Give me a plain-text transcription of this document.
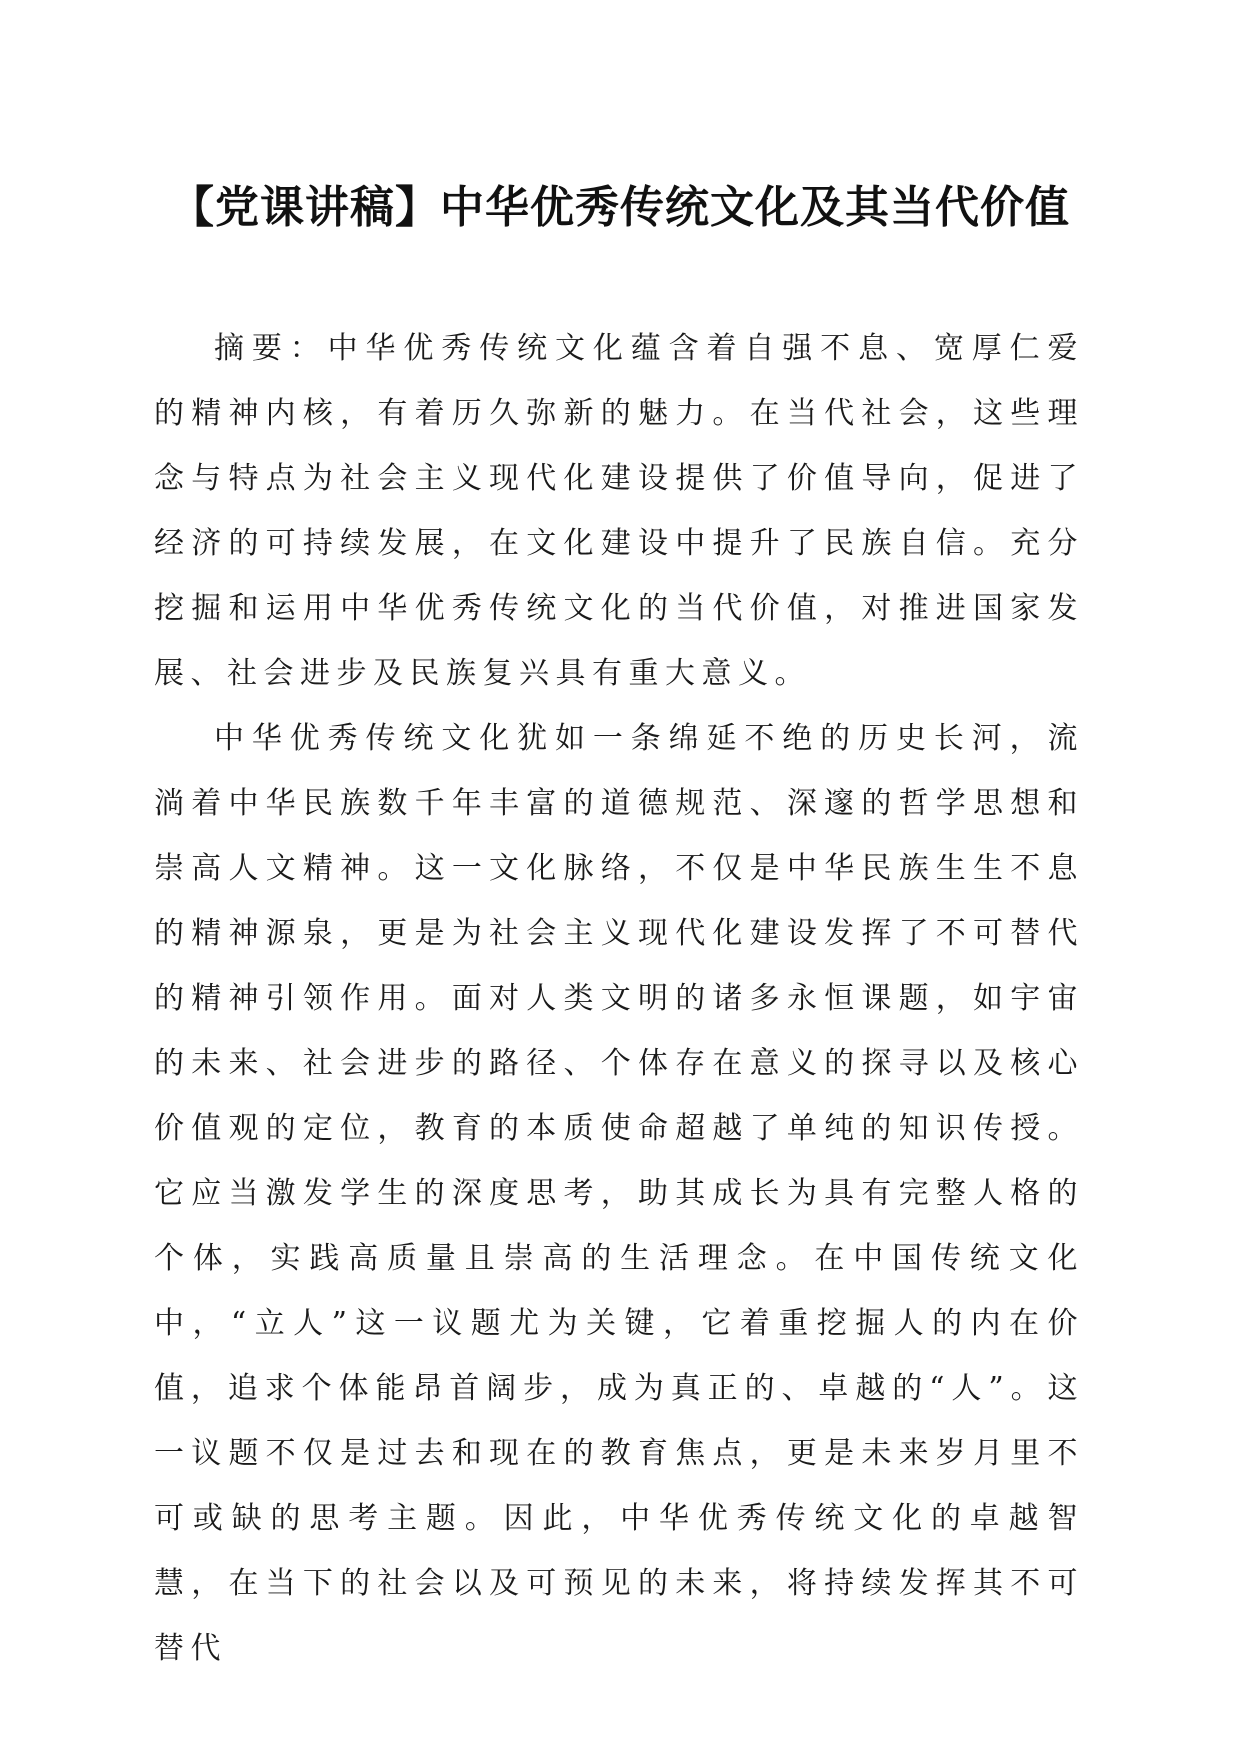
【党课讲稿】中华优秀传统文化及其当代价值

摘要：中华优秀传统文化蕴含着自强不息、宽厚仁爱的精神内核，有着历久弥新的魅力。在当代社会，这些理念与特点为社会主义现代化建设提供了价值导向，促进了经济的可持续发展，在文化建设中提升了民族自信。充分挖掘和运用中华优秀传统文化的当代价值，对推进国家发展、社会进步及民族复兴具有重大意义。

中华优秀传统文化犹如一条绵延不绝的历史长河，流淌着中华民族数千年丰富的道德规范、深邃的哲学思想和崇高人文精神。这一文化脉络，不仅是中华民族生生不息的精神源泉，更是为社会主义现代化建设发挥了不可替代的精神引领作用。面对人类文明的诸多永恒课题，如宇宙的未来、社会进步的路径、个体存在意义的探寻以及核心价值观的定位，教育的本质使命超越了单纯的知识传授。它应当激发学生的深度思考，助其成长为具有完整人格的个体，实践高质量且崇高的生活理念。在中国传统文化中，“立人”这一议题尤为关键，它着重挖掘人的内在价值，追求个体能昂首阔步，成为真正的、卓越的“人”。这一议题不仅是过去和现在的教育焦点，更是未来岁月里不可或缺的思考主题。因此，中华优秀传统文化的卓越智慧，在当下的社会以及可预见的未来，将持续发挥其不可替代
